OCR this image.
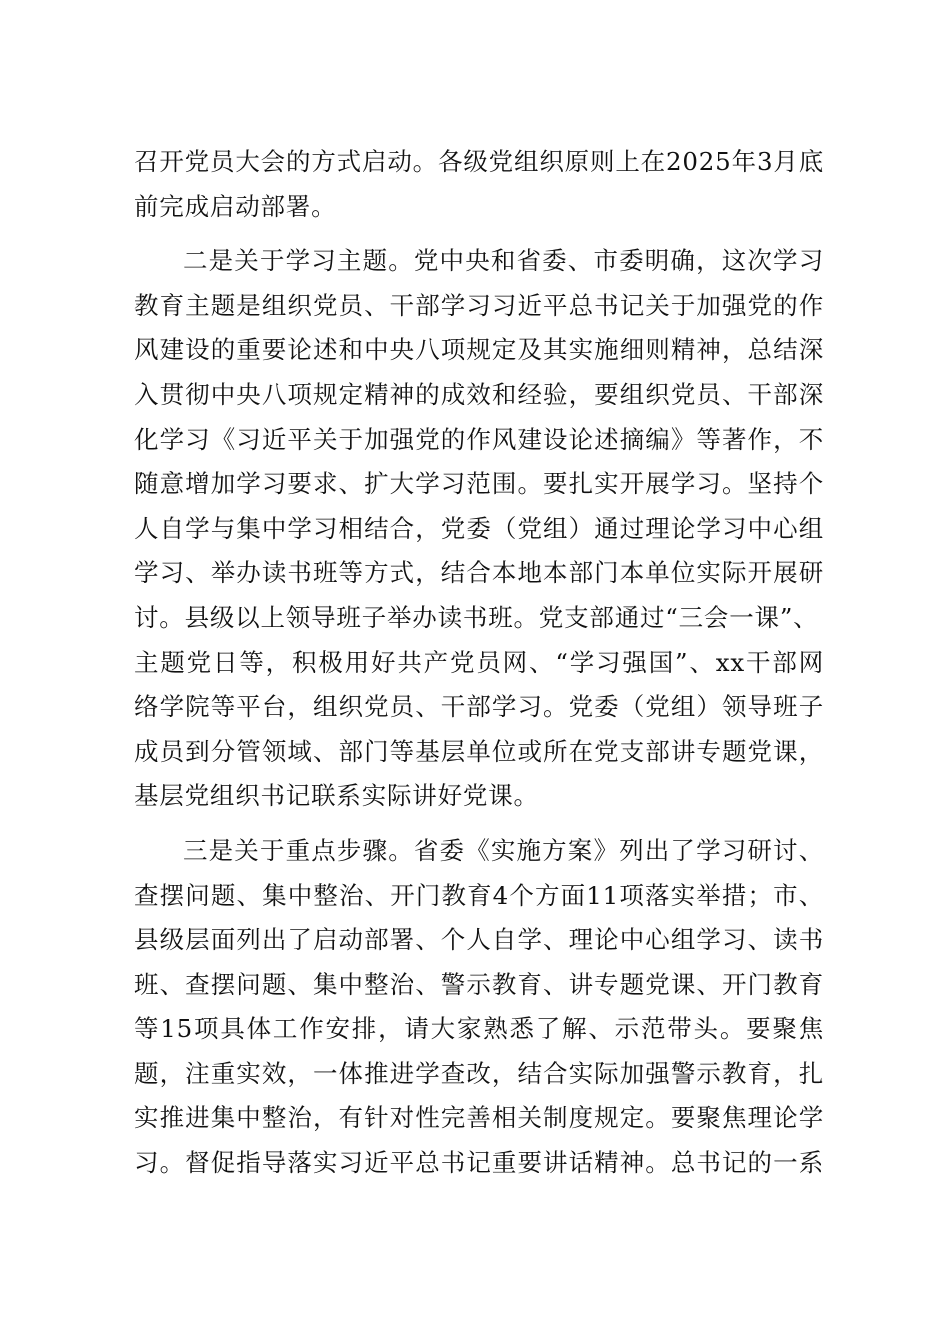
召开党员大会的方式启动。各级党组织原则上在2025年3月底
前完成启动部署。
二是关于学习主题。党中央和省委、市委明确，这次学习
教育主题是组织党员、干部学习习近平总书记关于加强党的作
风建设的重要论述和中央八项规定及其实施细则精神，总结深
入贯彻中央八项规定精神的成效和经验，要组织党员、干部深
化学习《习近平关于加强党的作风建设论述摘编》等著作，不
随意增加学习要求、扩大学习范围。要扎实开展学习。坚持个
人自学与集中学习相结合，党委（党组）通过理论学习中心组
学习、举办读书班等方式，结合本地本部门本单位实际开展研
讨。县级以上领导班子举办读书班。党支部通过“三会一课”、
主题党日等，积极用好共产党员网、“学习强国”、xx干部网
络学院等平台，组织党员、干部学习。党委（党组）领导班子
成员到分管领域、部门等基层单位或所在党支部讲专题党课，
基层党组织书记联系实际讲好党课。
三是关于重点步骤。省委《实施方案》列出了学习研讨、
查摆问题、集中整治、开门教育4个方面11项落实举措；市、
县级层面列出了启动部署、个人自学、理论中心组学习、读书
班、查摆问题、集中整治、警示教育、讲专题党课、开门教育
等15项具体工作安排，请大家熟悉了解、示范带头。要聚焦
题，注重实效，一体推进学查改，结合实际加强警示教育，扎
实推进集中整治，有针对性完善相关制度规定。要聚焦理论学
习。督促指导落实习近平总书记重要讲话精神。总书记的一系
